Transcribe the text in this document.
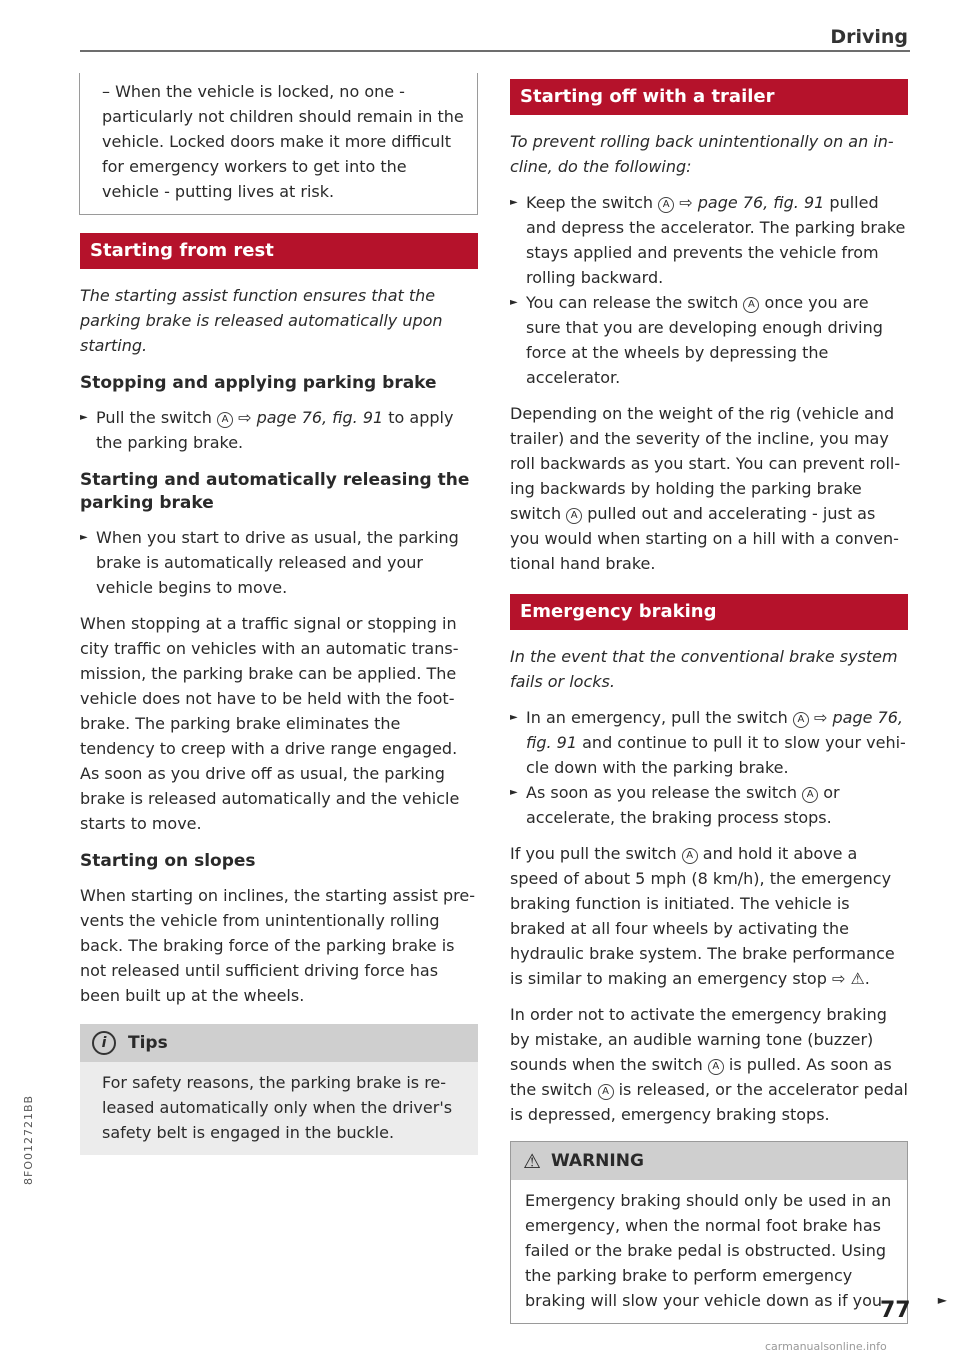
Driving

– When the vehicle is locked, no one - particularly not children should remain in the vehicle. Locked doors make it more difficult for emergency workers to get into the vehicle - putting lives at risk.

Starting from rest

The starting assist function ensures that the parking brake is released automatically upon starting.

Stopping and applying parking brake
► Pull the switch A ⇨ page 76, fig. 91 to apply the parking brake.
Starting and automatically releasing the parking brake
► When you start to drive as usual, the parking brake is automatically released and your vehicle begins to move.

When stopping at a traffic signal or stopping in city traffic on vehicles with an automatic transmission, the parking brake can be applied. The vehicle does not have to be held with the footbrake. The parking brake eliminates the tendency to creep with a drive range engaged. As soon as you drive off as usual, the parking brake is released automatically and the vehicle starts to move.

Starting on slopes

When starting on inclines, the starting assist prevents the vehicle from unintentionally rolling back. The braking force of the parking brake is not released until sufficient driving force has been built up at the wheels.

i	Tips
For safety reasons, the parking brake is released automatically only when the driver's safety belt is engaged in the buckle.
Starting off with a trailer

To prevent rolling back unintentionally on an incline, do the following:

► Keep the switch A ⇨ page 76, fig. 91 pulled and depress the accelerator. The parking brake stays applied and prevents the vehicle from rolling backward.
► You can release the switch A once you are sure that you are developing enough driving force at the wheels by depressing the accelerator.

Depending on the weight of the rig (vehicle and trailer) and the severity of the incline, you may roll backwards as you start. You can prevent rolling backwards by holding the parking brake switch A pulled out and accelerating - just as you would when starting on a hill with a conventional hand brake.

Emergency braking

In the event that the conventional brake system fails or locks.

► In an emergency, pull the switch A ⇨ page 76, fig. 91 and continue to pull it to slow your vehicle down with the parking brake.
► As soon as you release the switch A or accelerate, the braking process stops.

If you pull the switch A and hold it above a speed of about 5 mph (8 km/h), the emergency braking function is initiated. The vehicle is braked at all four wheels by activating the hydraulic brake system. The brake performance is similar to making an emergency stop ⇨ ⚠.

In order not to activate the emergency braking by mistake, an audible warning tone (buzzer) sounds when the switch A is pulled. As soon as the switch A is released, or the accelerator pedal is depressed, emergency braking stops.

⚠ WARNING
Emergency braking should only be used in an emergency, when the normal foot brake has failed or the brake pedal is obstructed. Using the parking brake to perform emergency braking will slow your vehicle down as if you	►
77
8FO012721BB
carmanualsonline.info
